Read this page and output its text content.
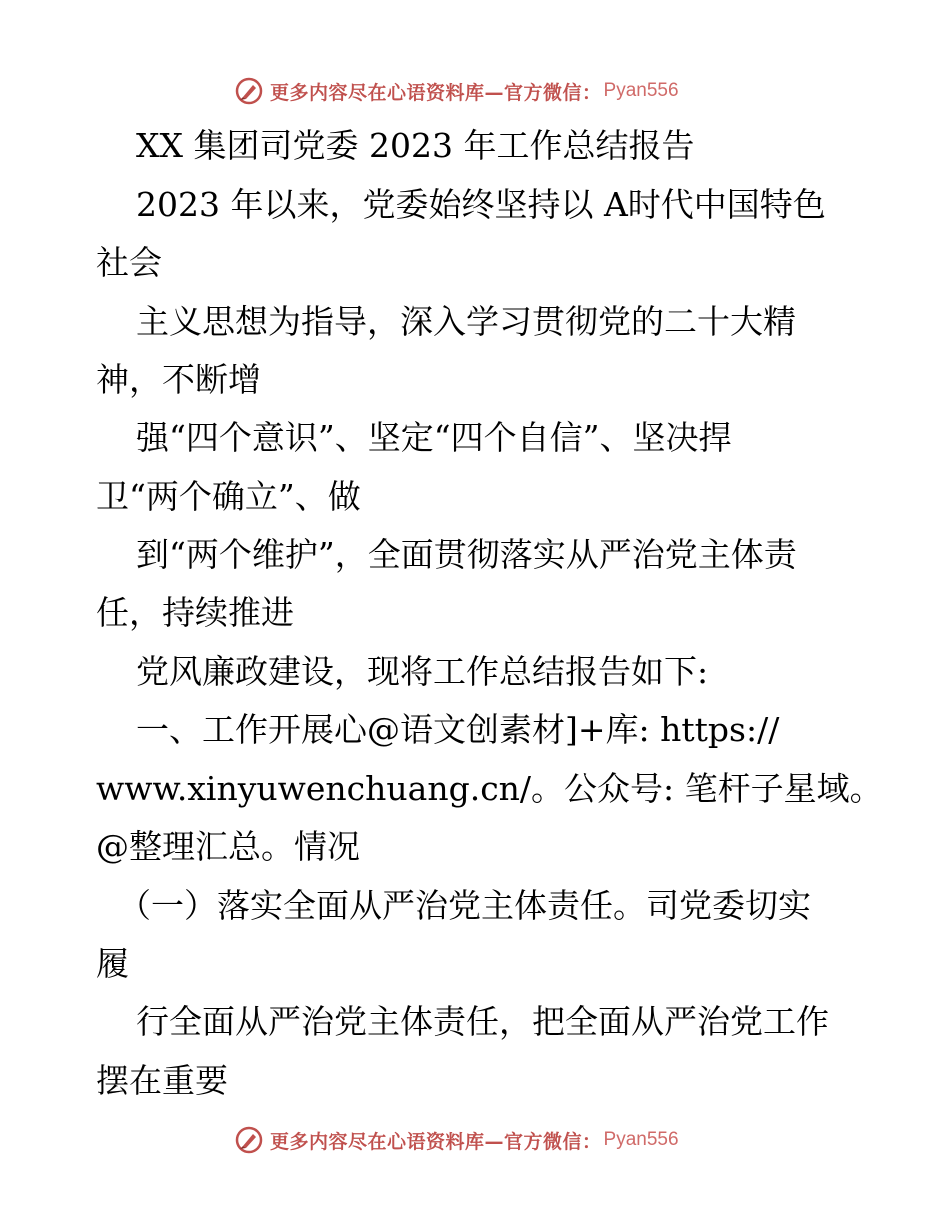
更多内容尽在心语资料库—官方微信： Pyan556
XX 集团司党委 2023 年工作总结报告
2023 年以来，党委始终坚持以 A时代中国特色
社会
主义思想为指导，深入学习贯彻党的二十大精
神，不断增
强“四个意识”、坚定“四个自信”、坚决捍
卫“两个确立”、做
到“两个维护”，全面贯彻落实从严治党主体责
任，持续推进
党风廉政建设，现将工作总结报告如下:
一、工作开展心@语文创素材]+库: https://
www.xinyuwenchuang.cn/。公众号: 笔杆子星域。
@整理汇总。情况
（一）落实全面从严治党主体责任。司党委切实
履
行全面从严治党主体责任，把全面从严治党工作
摆在重要
更多内容尽在心语资料库—官方微信： Pyan556
